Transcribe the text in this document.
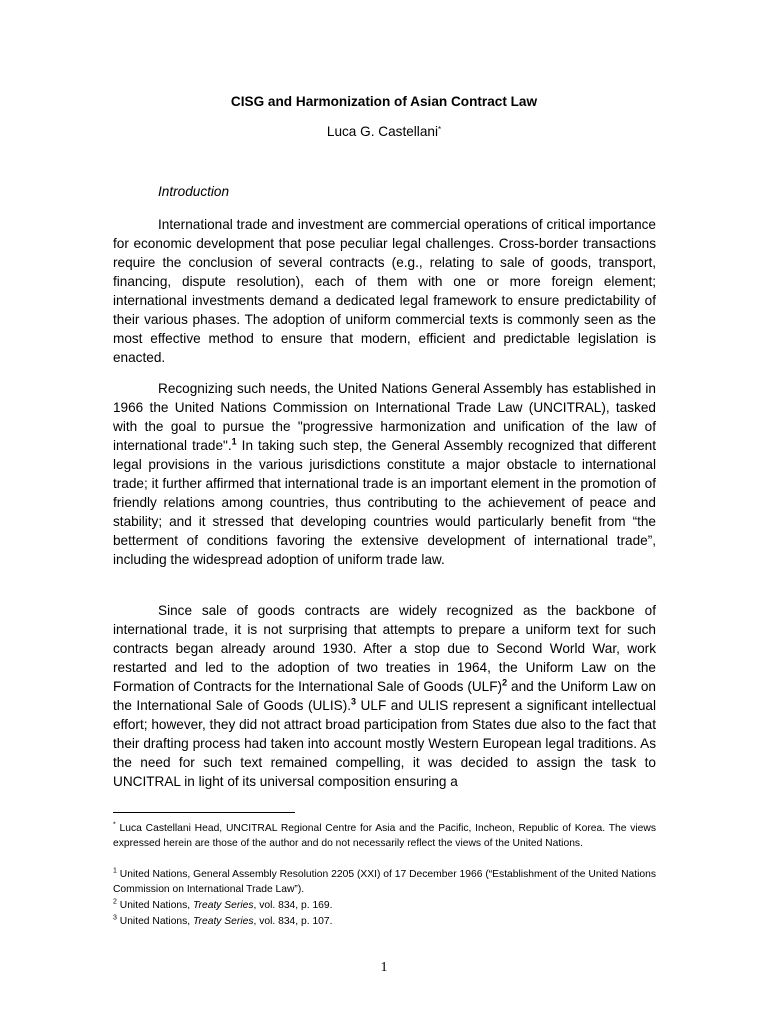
CISG and Harmonization of Asian Contract Law
Luca G. Castellani*
Introduction

International trade and investment are commercial operations of critical importance for economic development that pose peculiar legal challenges. Cross-border transactions require the conclusion of several contracts (e.g., relating to sale of goods, transport, financing, dispute resolution), each of them with one or more foreign element; international investments demand a dedicated legal framework to ensure predictability of their various phases. The adoption of uniform commercial texts is commonly seen as the most effective method to ensure that modern, efficient and predictable legislation is enacted.

Recognizing such needs, the United Nations General Assembly has established in 1966 the United Nations Commission on International Trade Law (UNCITRAL), tasked with the goal to pursue the "progressive harmonization and unification of the law of international trade".$^1$ In taking such step, the General Assembly recognized that different legal provisions in the various jurisdictions constitute a major obstacle to international trade; it further affirmed that international trade is an important element in the promotion of friendly relations among countries, thus contributing to the achievement of peace and stability; and it stressed that developing countries would particularly benefit from “the betterment of conditions favoring the extensive development of international trade”, including the widespread adoption of uniform trade law.

Since sale of goods contracts are widely recognized as the backbone of international trade, it is not surprising that attempts to prepare a uniform text for such contracts began already around 1930. After a stop due to Second World War, work restarted and led to the adoption of two treaties in 1964, the Uniform Law on the Formation of Contracts for the International Sale of Goods (ULF)$^2$ and the Uniform Law on the International Sale of Goods (ULIS).$^3$ ULF and ULIS represent a significant intellectual effort; however, they did not attract broad participation from States due also to the fact that their drafting process had taken into account mostly Western European legal traditions. As the need for such text remained compelling, it was decided to assign the task to UNCITRAL in light of its universal composition ensuring a

* Luca Castellani Head, UNCITRAL Regional Centre for Asia and the Pacific, Incheon, Republic of Korea. The views expressed herein are those of the author and do not necessarily reflect the views of the United Nations.

$^1$ United Nations, General Assembly Resolution 2205 (XXI) of 17 December 1966 (“Establishment of the United Nations Commission on International Trade Law”).

$^2$ United Nations, Treaty Series, vol. 834, p. 169.

$^3$ United Nations, Treaty Series, vol. 834, p. 107.

1
